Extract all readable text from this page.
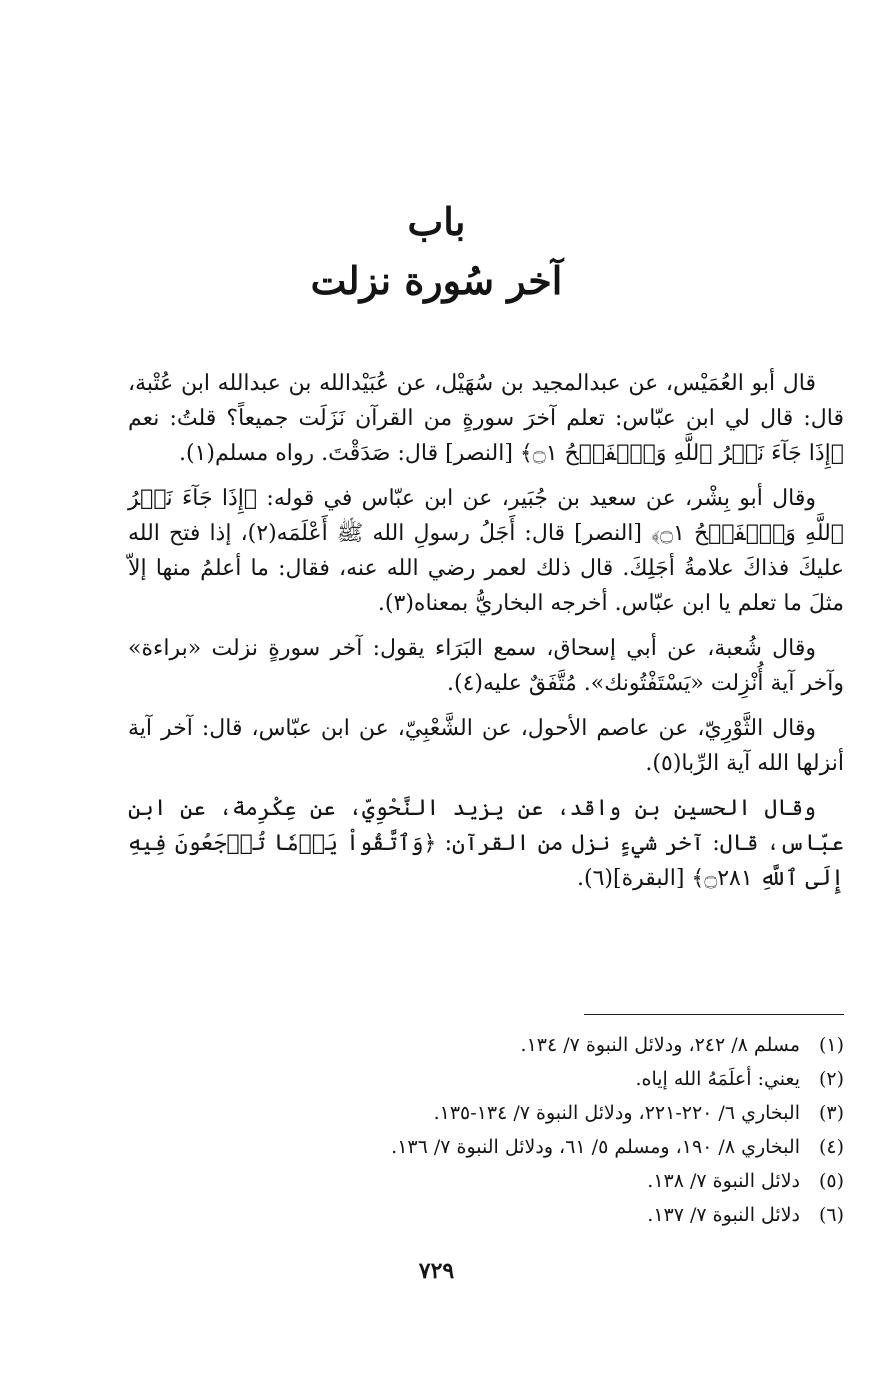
باب

آخر سُورة نزلت

قال أبو العُمَيْس، عن عبدالمجيد بن سُهَيْل، عن عُبَيْدالله بن عبدالله ابن عُتْبة، قال: قال لي ابن عبّاس: تعلم آخرَ سورةٍ من القرآن نَزَلَت جميعاً؟ قلتُ: نعم ﴿إِذَا جَآءَ نَصۡرُ ٱللَّهِ وَٱلۡفَتۡحُ ۝١﴾ [النصر] قال: صَدَقْتَ. رواه مسلم(١).

وقال أبو بِشْر، عن سعيد بن جُبَير، عن ابن عبّاس في قوله: ﴿إِذَا جَآءَ نَصۡرُ ٱللَّهِ وَٱلۡفَتۡحُ ۝١﴾ [النصر] قال: أَجَلُ رسولِ الله ﷺ أَعْلَمَه(٢)، إذا فتح الله عليكَ فذاكَ علامةُ أجَلِكَ. قال ذلك لعمر رضي الله عنه، فقال: ما أعلمُ منها إلاّ مثلَ ما تعلم يا ابن عبّاس. أخرجه البخاريُّ بمعناه(٣).

وقال شُعبة، عن أبي إسحاق، سمع البَرَاء يقول: آخر سورةٍ نزلت «براءة» وآخر آية أُنْزِلت «يَسْتَفْتُونك». مُتَّفَقٌ عليه(٤).

وقال الثَّوْرِيّ، عن عاصم الأحول، عن الشَّعْبِيّ، عن ابن عبّاس، قال: آخر آية أنزلها الله آية الرِّبا(٥).

وقال الحسين بن واقد، عن يزيد النَّحْوِيّ، عن عِكْرِمة، عن ابن عبّاس، قال: آخر شيءٍ نزل من القرآن: ﴿وَٱتَّقُواْ يَوۡمٗا تُرۡجَعُونَ فِيهِ إِلَى ٱللَّهِ ۝٢٨١﴾ [البقرة](٦).

(١)
مسلم ٨/ ٢٤٢، ودلائل النبوة ٧/ ١٣٤.
(٢)
يعني: أعلَمَهُ الله إياه.
(٣)
البخاري ٦/ ٢٢٠-٢٢١، ودلائل النبوة ٧/ ١٣٤-١٣٥.
(٤)
البخاري ٨/ ١٩٠، ومسلم ٥/ ٦١، ودلائل النبوة ٧/ ١٣٦.
(٥)
دلائل النبوة ٧/ ١٣٨.
(٦)
دلائل النبوة ٧/ ١٣٧.
٧٢٩
